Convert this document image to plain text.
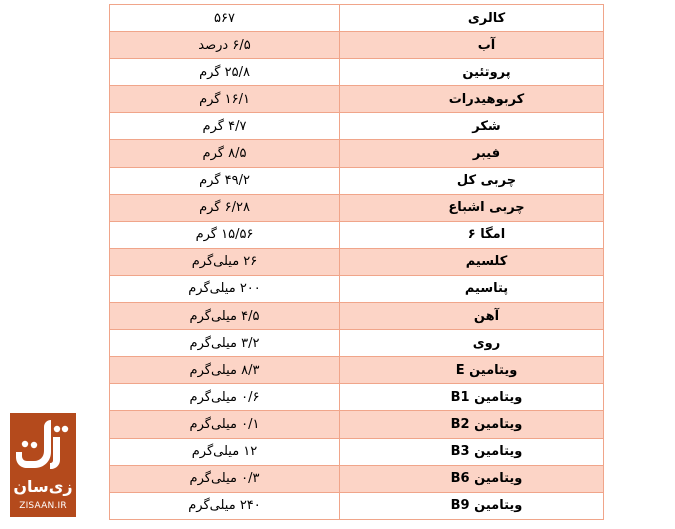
۵۶۷	کالری
۶/۵ درصد	آب
۲۵/۸ گرم	پروتئین
۱۶/۱ گرم	کربوهیدرات
۴/۷ گرم	شکر
۸/۵ گرم	فیبر
۴۹/۲ گرم	چربی کل
۶/۲۸ گرم	چربی اشباع
۱۵/۵۶ گرم	امگا ۶
۲۶ میلی‌گرم	کلسیم
۲۰۰ میلی‌گرم	پتاسیم
۴/۵ میلی‌گرم	آهن
۳/۲ میلی‌گرم	روی
۸/۳ میلی‌گرم	ویتامین E
۰/۶ میلی‌گرم	ویتامین B1
۰/۱ میلی‌گرم	ویتامین B2
۱۲ میلی‌گرم	ویتامین B3
۰/۳ میلی‌گرم	ویتامین B6
۲۴۰ میلی‌گرم	ویتامین B9
زی‌سان
ZISAAN.IR
